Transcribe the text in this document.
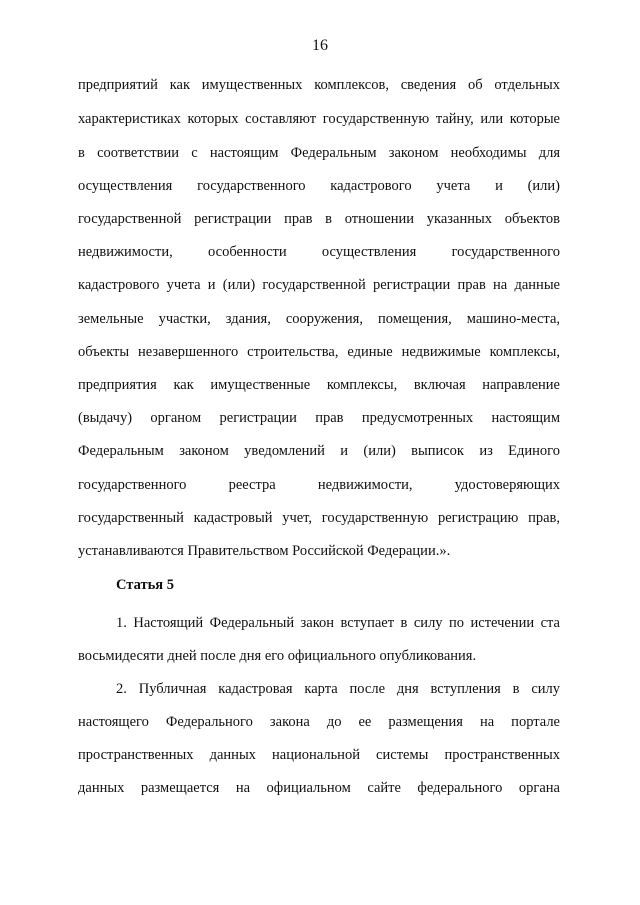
16
предприятий как имущественных комплексов, сведения об отдельных
характеристиках которых составляют государственную тайну, или которые
в соответствии с настоящим Федеральным законом необходимы для
осуществления государственного кадастрового учета и (или)
государственной регистрации прав в отношении указанных объектов
недвижимости, особенности осуществления государственного
кадастрового учета и (или) государственной регистрации прав на данные
земельные участки, здания, сооружения, помещения, машино-места,
объекты незавершенного строительства, единые недвижимые комплексы,
предприятия как имущественные комплексы, включая направление
(выдачу) органом регистрации прав предусмотренных настоящим
Федеральным законом уведомлений и (или) выписок из Единого
государственного реестра недвижимости, удостоверяющих
государственный кадастровый учет, государственную регистрацию прав,
устанавливаются Правительством Российской Федерации.».
Статья 5
1. Настоящий Федеральный закон вступает в силу по истечении ста
восьмидесяти дней после дня его официального опубликования.
2. Публичная кадастровая карта после дня вступления в силу
настоящего Федерального закона до ее размещения на портале
пространственных данных национальной системы пространственных
данных размещается на официальном сайте федерального органа
